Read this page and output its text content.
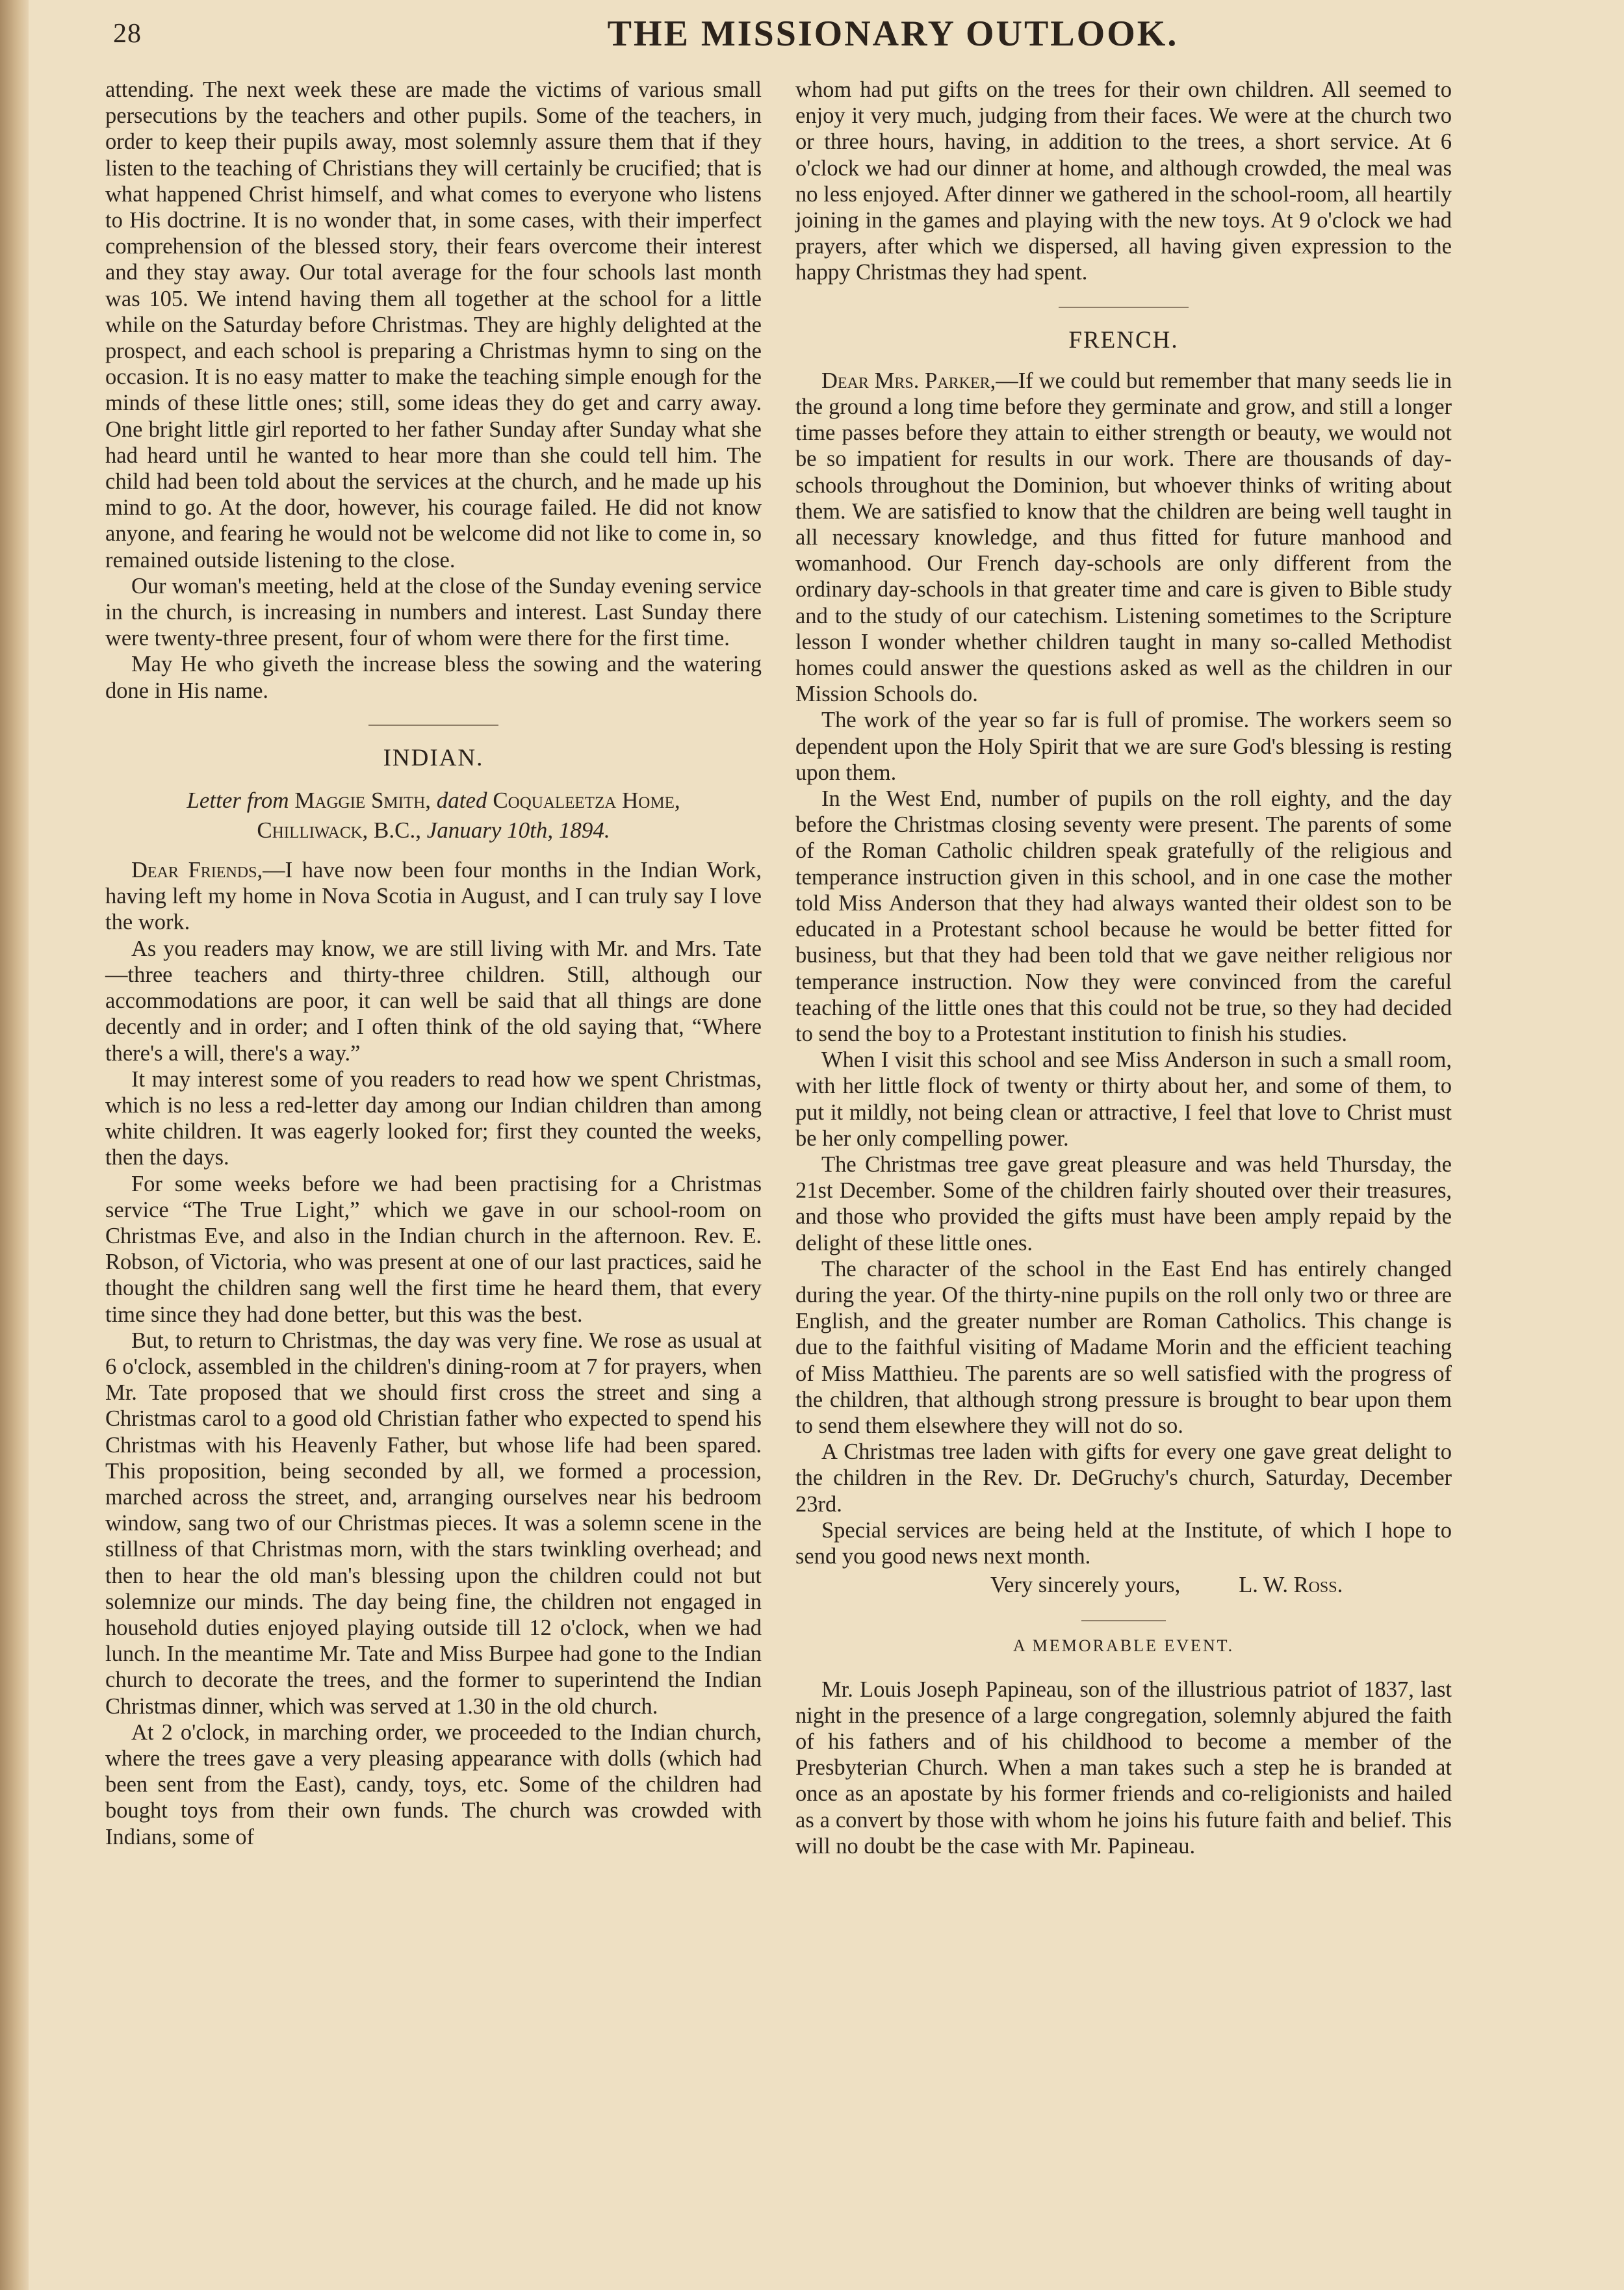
28	THE MISSIONARY OUTLOOK.

attending. The next week these are made the victims of various small persecutions by the teachers and other pupils. Some of the teachers, in order to keep their pupils away, most solemnly assure them that if they listen to the teaching of Christians they will certainly be crucified; that is what happened Christ himself, and what comes to everyone who listens to His doctrine. It is no wonder that, in some cases, with their imperfect comprehension of the blessed story, their fears overcome their interest and they stay away. Our total average for the four schools last month was 105. We intend having them all together at the school for a little while on the Saturday before Christmas. They are highly delighted at the prospect, and each school is preparing a Christmas hymn to sing on the occasion. It is no easy matter to make the teaching simple enough for the minds of these little ones; still, some ideas they do get and carry away. One bright little girl reported to her father Sunday after Sunday what she had heard until he wanted to hear more than she could tell him. The child had been told about the services at the church, and he made up his mind to go. At the door, however, his courage failed. He did not know anyone, and fearing he would not be welcome did not like to come in, so remained outside listening to the close.

Our woman's meeting, held at the close of the Sunday evening service in the church, is increasing in numbers and interest. Last Sunday there were twenty-three present, four of whom were there for the first time.

May He who giveth the increase bless the sowing and the watering done in His name.

INDIAN.
Letter from Maggie Smith, dated Coqualeetza Home,
Chilliwack, B.C., January 10th, 1894.

Dear Friends,—I have now been four months in the Indian Work, having left my home in Nova Scotia in August, and I can truly say I love the work.

As you readers may know, we are still living with Mr. and Mrs. Tate—three teachers and thirty-three children. Still, although our accommodations are poor, it can well be said that all things are done decently and in order; and I often think of the old saying that, “Where there's a will, there's a way.”

It may interest some of you readers to read how we spent Christmas, which is no less a red-letter day among our Indian children than among white children. It was eagerly looked for; first they counted the weeks, then the days.

For some weeks before we had been practising for a Christmas service “The True Light,” which we gave in our school-room on Christmas Eve, and also in the Indian church in the afternoon. Rev. E. Robson, of Victoria, who was present at one of our last practices, said he thought the children sang well the first time he heard them, that every time since they had done better, but this was the best.

But, to return to Christmas, the day was very fine. We rose as usual at 6 o'clock, assembled in the children's dining-room at 7 for prayers, when Mr. Tate proposed that we should first cross the street and sing a Christmas carol to a good old Christian father who expected to spend his Christmas with his Heavenly Father, but whose life had been spared. This proposition, being seconded by all, we formed a procession, marched across the street, and, arranging ourselves near his bedroom window, sang two of our Christmas pieces. It was a solemn scene in the stillness of that Christmas morn, with the stars twinkling overhead; and then to hear the old man's blessing upon the children could not but solemnize our minds. The day being fine, the children not engaged in household duties enjoyed playing outside till 12 o'clock, when we had lunch. In the meantime Mr. Tate and Miss Burpee had gone to the Indian church to decorate the trees, and the former to superintend the Indian Christmas dinner, which was served at 1.30 in the old church.

At 2 o'clock, in marching order, we proceeded to the Indian church, where the trees gave a very pleasing appearance with dolls (which had been sent from the East), candy, toys, etc. Some of the children had bought toys from their own funds. The church was crowded with Indians, some of

whom had put gifts on the trees for their own children. All seemed to enjoy it very much, judging from their faces. We were at the church two or three hours, having, in addition to the trees, a short service. At 6 o'clock we had our dinner at home, and although crowded, the meal was no less enjoyed. After dinner we gathered in the school-room, all heartily joining in the games and playing with the new toys. At 9 o'clock we had prayers, after which we dispersed, all having given expression to the happy Christmas they had spent.

FRENCH.

Dear Mrs. Parker,—If we could but remember that many seeds lie in the ground a long time before they germinate and grow, and still a longer time passes before they attain to either strength or beauty, we would not be so impatient for results in our work. There are thousands of day-schools throughout the Dominion, but whoever thinks of writing about them. We are satisfied to know that the children are being well taught in all necessary knowledge, and thus fitted for future manhood and womanhood. Our French day-schools are only different from the ordinary day-schools in that greater time and care is given to Bible study and to the study of our catechism. Listening sometimes to the Scripture lesson I wonder whether children taught in many so-called Methodist homes could answer the questions asked as well as the children in our Mission Schools do.

The work of the year so far is full of promise. The workers seem so dependent upon the Holy Spirit that we are sure God's blessing is resting upon them.

In the West End, number of pupils on the roll eighty, and the day before the Christmas closing seventy were present. The parents of some of the Roman Catholic children speak gratefully of the religious and temperance instruction given in this school, and in one case the mother told Miss Anderson that they had always wanted their oldest son to be educated in a Protestant school because he would be better fitted for business, but that they had been told that we gave neither religious nor temperance instruction. Now they were convinced from the careful teaching of the little ones that this could not be true, so they had decided to send the boy to a Protestant institution to finish his studies.

When I visit this school and see Miss Anderson in such a small room, with her little flock of twenty or thirty about her, and some of them, to put it mildly, not being clean or attractive, I feel that love to Christ must be her only compelling power.

The Christmas tree gave great pleasure and was held Thursday, the 21st December. Some of the children fairly shouted over their treasures, and those who provided the gifts must have been amply repaid by the delight of these little ones.

The character of the school in the East End has entirely changed during the year. Of the thirty-nine pupils on the roll only two or three are English, and the greater number are Roman Catholics. This change is due to the faithful visiting of Madame Morin and the efficient teaching of Miss Matthieu. The parents are so well satisfied with the progress of the children, that although strong pressure is brought to bear upon them to send them elsewhere they will not do so.

A Christmas tree laden with gifts for every one gave great delight to the children in the Rev. Dr. DeGruchy's church, Saturday, December 23rd.

Special services are being held at the Institute, of which I hope to send you good news next month.

Very sincerely yours,	L. W. Ross.

A MEMORABLE EVENT.

Mr. Louis Joseph Papineau, son of the illustrious patriot of 1837, last night in the presence of a large congregation, solemnly abjured the faith of his fathers and of his childhood to become a member of the Presbyterian Church. When a man takes such a step he is branded at once as an apostate by his former friends and co-religionists and hailed as a convert by those with whom he joins his future faith and belief. This will no doubt be the case with Mr. Papineau.
